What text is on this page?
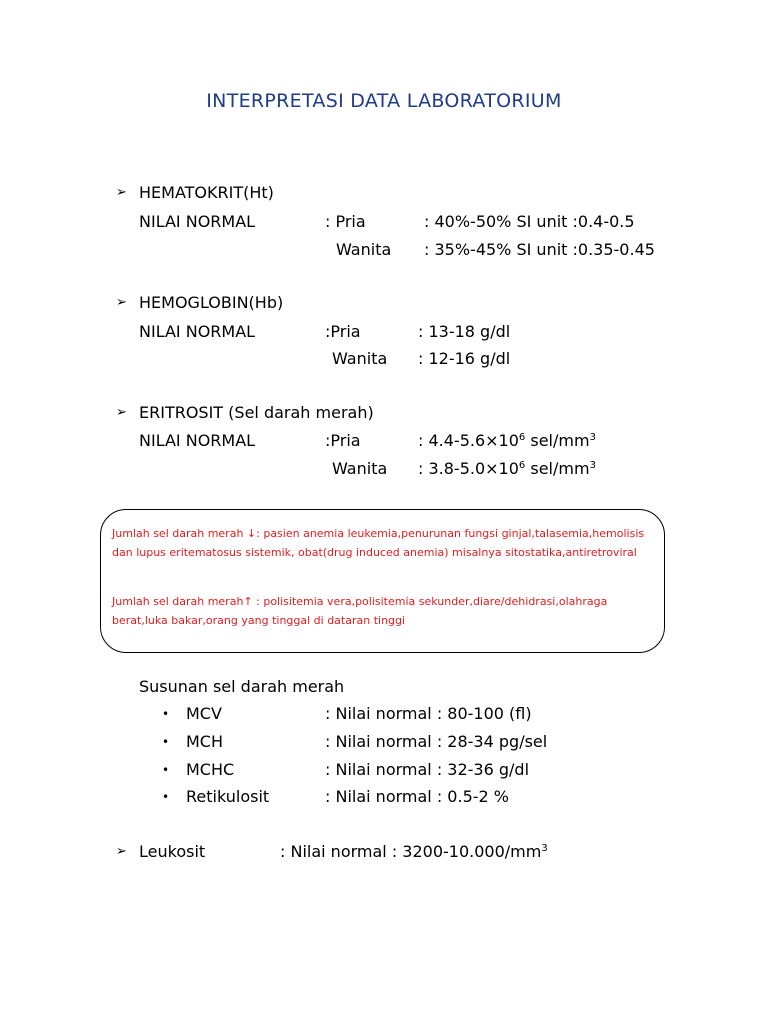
INTERPRETASI DATA LABORATORIUM
➢ HEMATOKRIT(Ht)
NILAI NORMAL	: Pria	: 40%-50% SI unit :0.4-0.5
Wanita : 35%-45% SI unit :0.35-0.45
➢ HEMOGLOBIN(Hb)
NILAI NORMAL	:Pria	: 13-18 g/dl
Wanita : 12-16 g/dl
➢ ERITROSIT (Sel darah merah)
NILAI NORMAL	:Pria	: $4.4-5.6\times 10^6$ sel/$mm^3$
Wanita : $3.8-5.0\times 10^6$ sel/$mm^3$
Jumlah sel darah merah ↓: pasien anemia leukemia,penurunan fungsi ginjal,talasemia,hemolisis dan lupus eritematosus sistemik, obat(drug induced anemia) misalnya sitostatika,antiretroviral
Jumlah sel darah merah↑ : polisitemia vera,polisitemia sekunder,diare/dehidrasi,olahraga berat,luka bakar,orang yang tinggal di dataran tinggi
Susunan sel darah merah
• MCV	: Nilai normal : 80-100 (fl)
• MCH	: Nilai normal : 28-34 pg/sel
• MCHC	: Nilai normal : 32-36 g/dl
• Retikulosit	: Nilai normal : 0.5-2 %
➢ Leukosit	: Nilai normal : $3200-10.000/mm^3$
